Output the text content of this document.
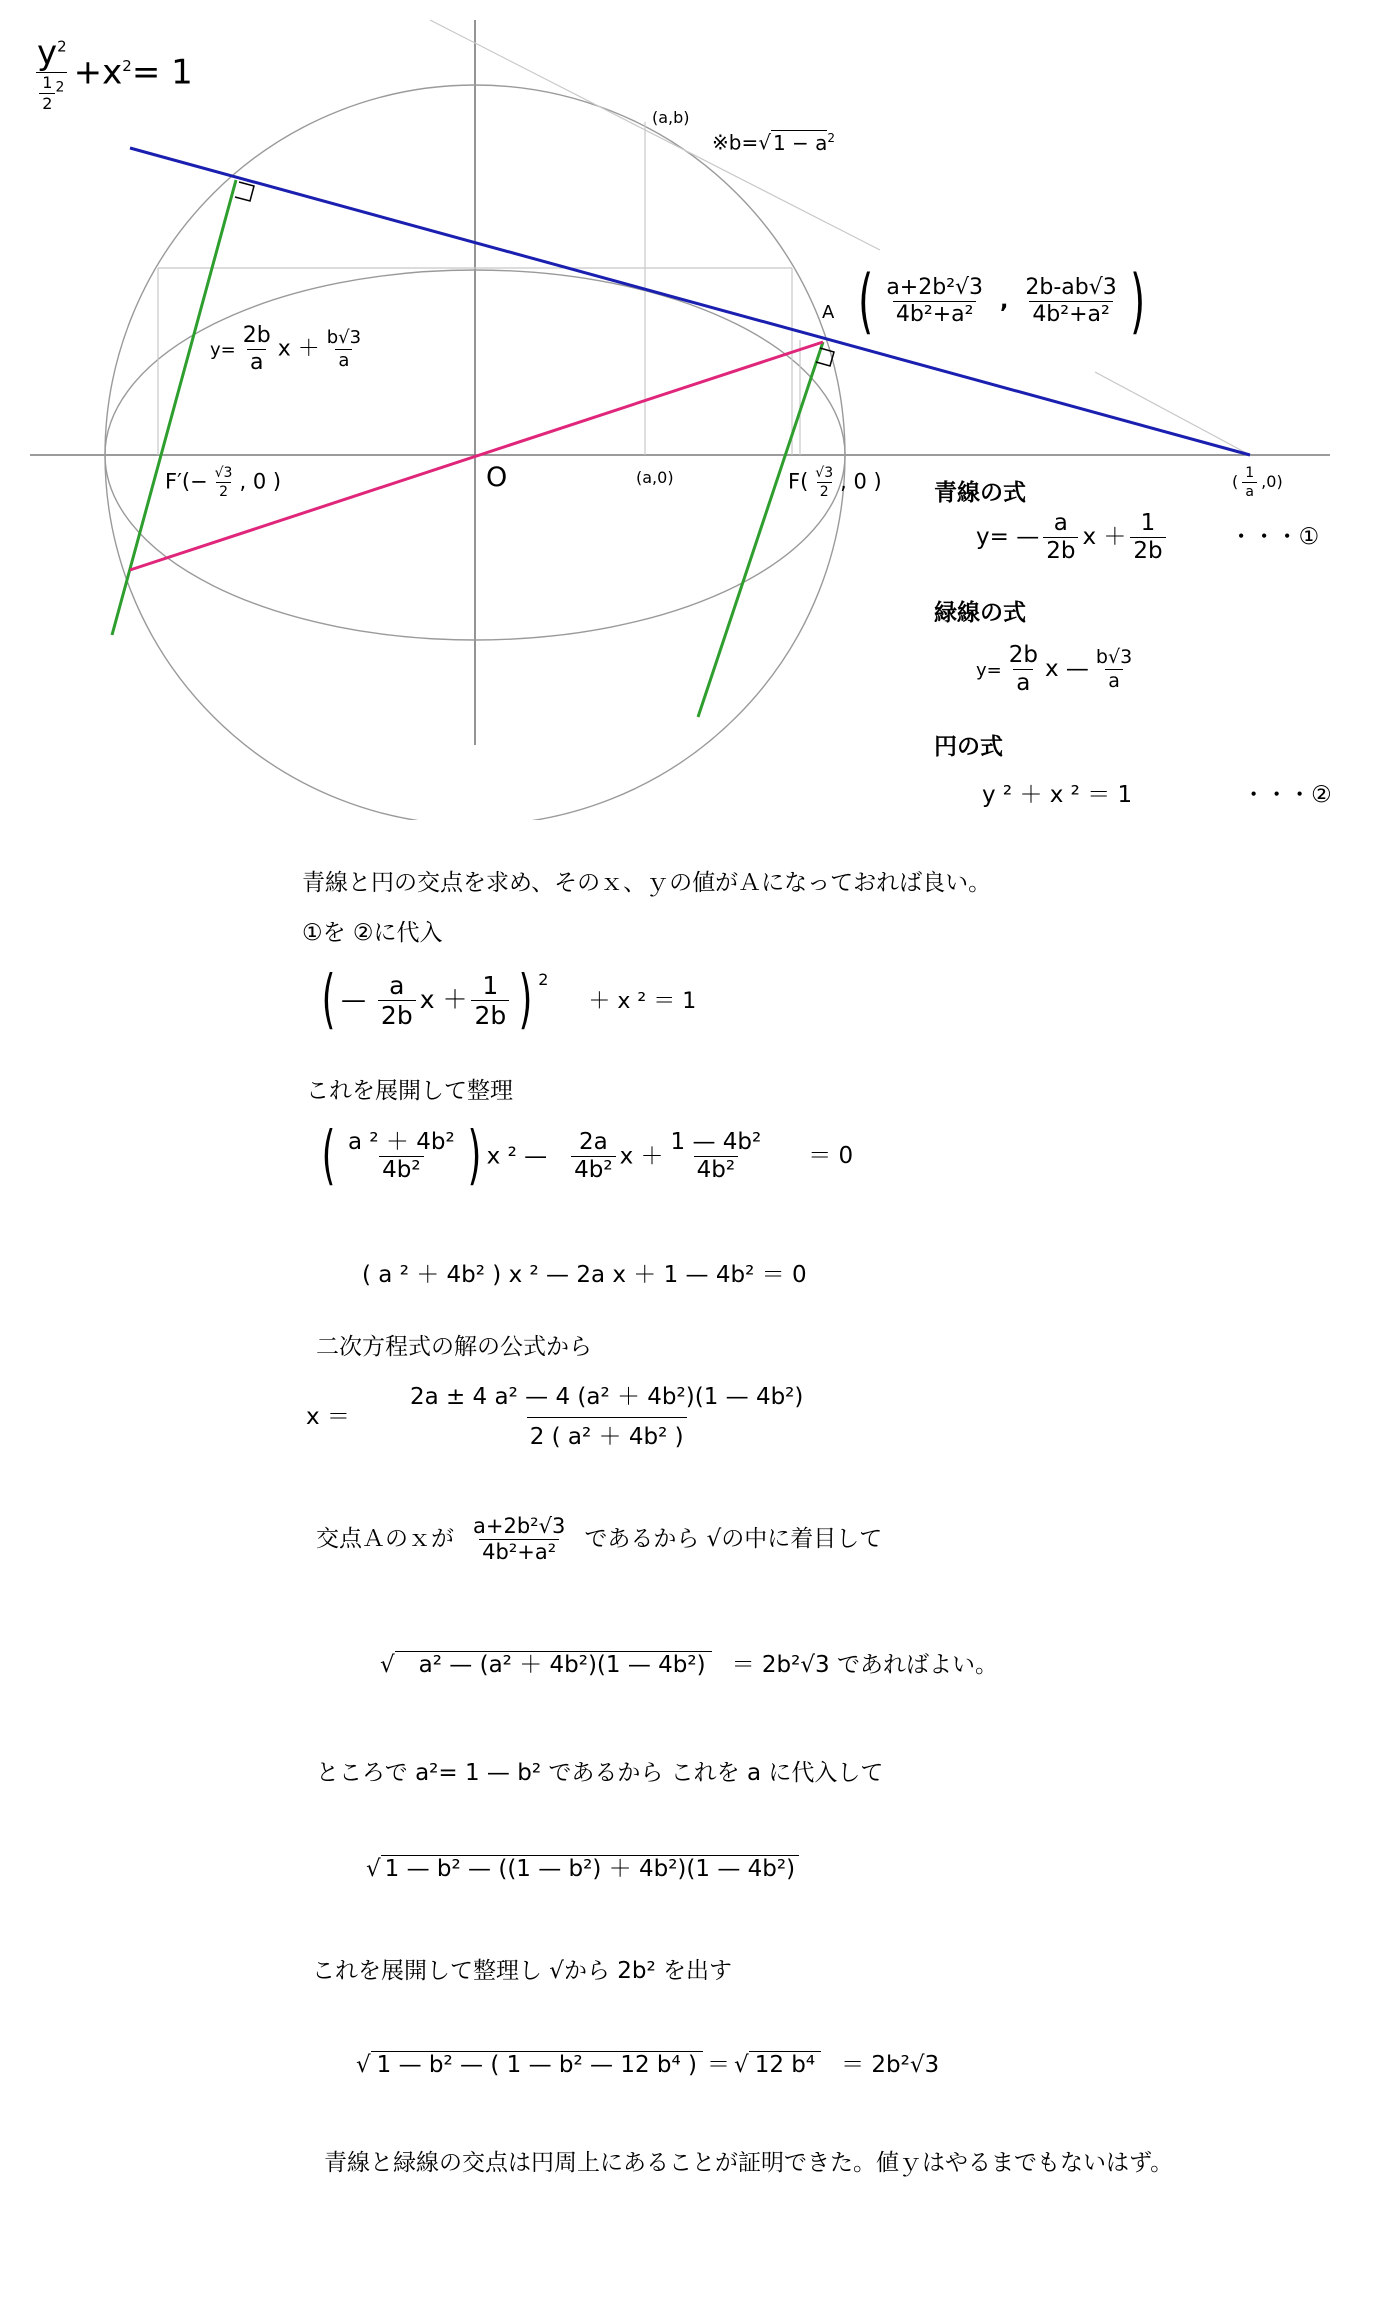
$\frac{y^2}{\frac{1}{2} ^2} +x^2= 1$
(a,b)
※b=√ $1 - a^2$
A ( $\frac{\text{a+2b²√3}}{\text{4b²+a²}}$ , $\frac{2b-ab√3}{\text{4b²+a²}}$ )
$y= \frac{2b}{a}$ $x + \frac{b√3}{a}$
$F'(- \frac{√3}{2}$ , 0 )	O	(a,0)	$F( \frac{√3}{2}$ , 0 )	( $\frac{1}{a} ,0$)
青線の式
y= — $\frac{a}{2b}$ $x + \frac{1}{2b}$	・・・①
緑線の式
$y= \frac{2b}{a}$ x — $\frac{b√3}{a}$
円の式
y ² ＋ x ² ＝ 1	・・・②
青線と円の交点を求め、そのｘ、ｙの値がＡになっておれば良い。
①を ②に代入
( — $\frac{a}{2b}$ $x + \frac{1}{2b}$ ) $^2$＋ x ² ＝ 1
これを展開して整理
( $\frac{\text{a ² ＋ 4b²}}{\text{4b²}}$ ) x ² — $\frac{2a}{\text{4b²}}$ $x + \frac{\text{1 — 4b²}}{\text{4b²}} = 0$
( a ² ＋ 4b² ) x ² — 2a x ＋ 1 — 4b² ＝ 0
二次方程式の解の公式から
$x = \frac{\text{2a ± 4 a² — 4 (a² ＋ 4b²)(1 — 4b²)}}{\text{2 ( a² ＋ 4b² )}}$
交点Ａのｘが $\frac{\text{a+2b²√3}}{\text{4b²+a²}}$ であるから √の中に着目して
√ a² — (a² ＋ 4b²)(1 — 4b²) ＝ 2b²√3 であればよい。
ところで a²= 1 — b² であるから これを a に代入して
√ 1 — b² — ((1 — b²) ＋ 4b²)(1 — 4b²)
これを展開して整理し √から 2b² を出す
√ 1 — b² — ( 1 — b² — 12 b⁴ ) ＝ √ 12 b⁴ ＝ 2b²√3
青線と緑線の交点は円周上にあることが証明できた。値ｙはやるまでもないはず。
